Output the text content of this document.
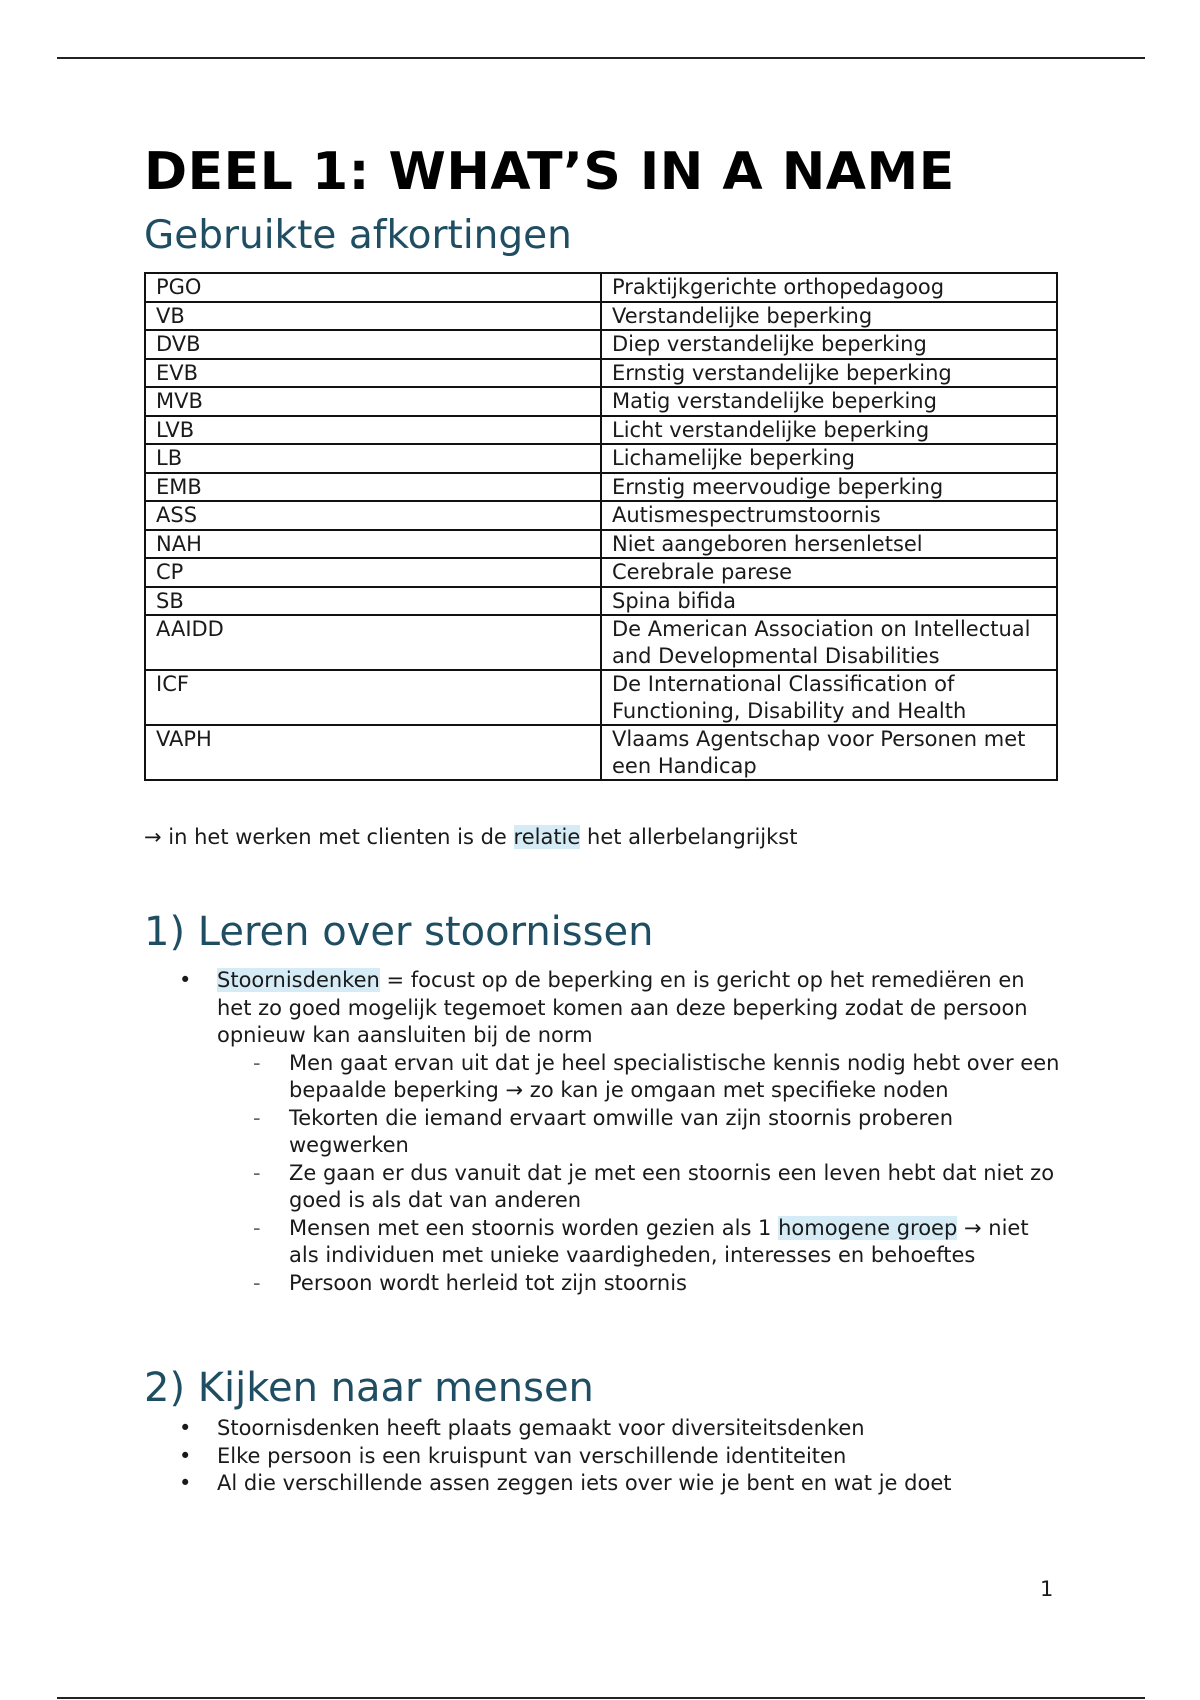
DEEL 1: WHAT’S IN A NAME
Gebruikte afkortingen
PGO	Praktijkgerichte orthopedagoog
VB	Verstandelijke beperking
DVB	Diep verstandelijke beperking
EVB	Ernstig verstandelijke beperking
MVB	Matig verstandelijke beperking
LVB	Licht verstandelijke beperking
LB	Lichamelijke beperking
EMB	Ernstig meervoudige beperking
ASS	Autismespectrumstoornis
NAH	Niet aangeboren hersenletsel
CP	Cerebrale parese
SB	Spina bifida
AAIDD	De American Association on Intellectual and Developmental Disabilities
ICF	De International Classification of Functioning, Disability and Health
VAPH	Vlaams Agentschap voor Personen met een Handicap

→ in het werken met clienten is de relatie het allerbelangrijkst

1) Leren over stoornissen
• Stoornisdenken = focust op de beperking en is gericht op het remediëren en het zo goed mogelijk tegemoet komen aan deze beperking zodat de persoon opnieuw kan aansluiten bij de norm
- Men gaat ervan uit dat je heel specialistische kennis nodig hebt over een bepaalde beperking → zo kan je omgaan met specifieke noden
- Tekorten die iemand ervaart omwille van zijn stoornis proberen wegwerken
- Ze gaan er dus vanuit dat je met een stoornis een leven hebt dat niet zo goed is als dat van anderen
- Mensen met een stoornis worden gezien als 1 homogene groep → niet als individuen met unieke vaardigheden, interesses en behoeftes
- Persoon wordt herleid tot zijn stoornis
2) Kijken naar mensen
• Stoornisdenken heeft plaats gemaakt voor diversiteitsdenken
• Elke persoon is een kruispunt van verschillende identiteiten
• Al die verschillende assen zeggen iets over wie je bent en wat je doet
1
